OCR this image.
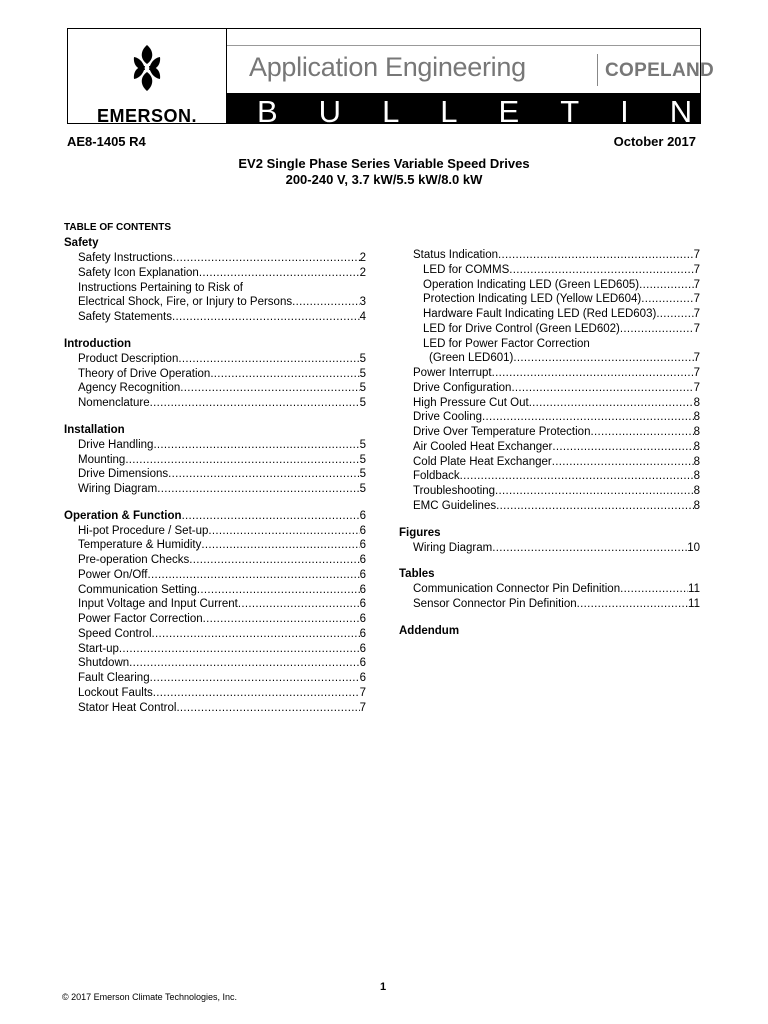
EMERSON.
Application Engineering	COPELAND
BULLETIN
AE8-1405 R4	October 2017
EV2 Single Phase Series Variable Speed Drives
200-240 V, 3.7 kW/5.5 kW/8.0 kW
TABLE OF CONTENTS
Safety
Safety Instructions .....	2
Safety Icon Explanation .....	2
Instructions Pertaining to Risk of
Electrical Shock, Fire, or Injury to Persons .....	3
Safety Statements .....	4
Introduction
Product Description .....	5
Theory of Drive Operation .....	5
Agency Recognition .....	5
Nomenclature .....	5
Installation
Drive Handling .....	5
Mounting .....	5
Drive Dimensions .....	5
Wiring Diagram .....	5
Operation & Function .....	6
Hi-pot Procedure / Set-up .....	6
Temperature & Humidity .....	6
Pre-operation Checks .....	6
Power On/Off .....	6
Communication Setting .....	6
Input Voltage and Input Current .....	6
Power Factor Correction .....	6
Speed Control .....	6
Start-up .....	6
Shutdown .....	6
Fault Clearing .....	6
Lockout Faults .....	7
Stator Heat Control .....	7
Status Indication .....	7
LED for COMMS .....	7
Operation Indicating LED (Green LED605) .....	7
Protection Indicating LED (Yellow LED604) .....	7
Hardware Fault Indicating LED (Red LED603) .....	7
LED for Drive Control (Green LED602) .....	7
LED for Power Factor Correction
(Green LED601) .....	7
Power Interrupt .....	7
Drive Configuration .....	7
High Pressure Cut Out .....	8
Drive Cooling .....	8
Drive Over Temperature Protection .....	8
Air Cooled Heat Exchanger .....	8
Cold Plate Heat Exchanger .....	8
Foldback .....	8
Troubleshooting .....	8
EMC Guidelines .....	8
Figures
Wiring Diagram .....	10
Tables
Communication Connector Pin Definition .....	11
Sensor Connector Pin Definition .....	11
Addendum
1
© 2017 Emerson Climate Technologies, Inc.
